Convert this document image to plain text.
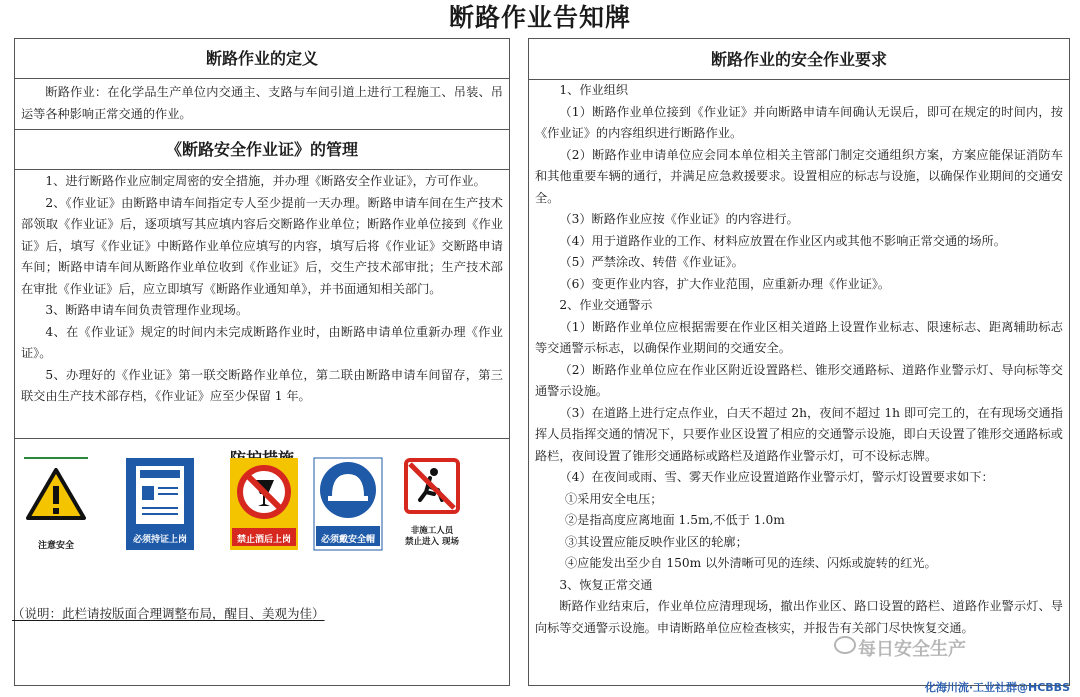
断路作业告知牌
断路作业的定义

断路作业：在化学品生产单位内交通主、支路与车间引道上进行工程施工、吊装、吊运等各种影响正常交通的作业。

《断路安全作业证》的管理

1、进行断路作业应制定周密的安全措施，并办理《断路安全作业证》，方可作业。

2、《作业证》由断路申请车间指定专人至少提前一天办理。断路申请车间在生产技术部领取《作业证》后，逐项填写其应填内容后交断路作业单位；断路作业单位接到《作业证》后，填写《作业证》中断路作业单位应填写的内容，填写后将《作业证》交断路申请车间；断路申请车间从断路作业单位收到《作业证》后，交生产技术部审批；生产技术部在审批《作业证》后，应立即填写《断路作业通知单》，并书面通知相关部门。

3、断路申请车间负责管理作业现场。

4、在《作业证》规定的时间内未完成断路作业时，由断路申请单位重新办理《作业证》。

5、办理好的《作业证》第一联交断路作业单位，第二联由断路申请车间留存，第三联交由生产技术部存档，《作业证》应至少保留 1 年。

注意安全
必须持证上岗	禁止酒后上岗	必须戴安全帽
非施工人员
禁止进入 现场
（说明：此栏请按版面合理调整布局，醒目、美观为佳）
断路作业的安全作业要求

1、作业组织

（1）断路作业单位接到《作业证》并向断路申请车间确认无误后，即可在规定的时间内，按《作业证》的内容组织进行断路作业。

（2）断路作业申请单位应会同本单位相关主管部门制定交通组织方案，方案应能保证消防车和其他重要车辆的通行，并满足应急救援要求。设置相应的标志与设施，以确保作业期间的交通安全。

（3）断路作业应按《作业证》的内容进行。

（4）用于道路作业的工作、材料应放置在作业区内或其他不影响正常交通的场所。

（5）严禁涂改、转借《作业证》。

（6）变更作业内容，扩大作业范围，应重新办理《作业证》。

2、作业交通警示

（1）断路作业单位应根据需要在作业区相关道路上设置作业标志、限速标志、距离辅助标志等交通警示标志，以确保作业期间的交通安全。

（2）断路作业单位应在作业区附近设置路栏、锥形交通路标、道路作业警示灯、导向标等交通警示设施。

（3）在道路上进行定点作业，白天不超过 2h，夜间不超过 1h 即可完工的，在有现场交通指挥人员指挥交通的情况下，只要作业区设置了相应的交通警示设施，即白天设置了锥形交通路标或路栏，夜间设置了锥形交通路标或路栏及道路作业警示灯，可不设标志牌。

（4）在夜间或雨、雪、雾天作业应设置道路作业警示灯，警示灯设置要求如下：

①采用安全电压；

②是指高度应离地面 1.5m,不低于 1.0m

③其设置应能反映作业区的轮廓；

④应能发出至少自 150m 以外清晰可见的连续、闪烁或旋转的红光。

3、恢复正常交通

断路作业结束后，作业单位应清理现场，撤出作业区、路口设置的路栏、道路作业警示灯、导向标等交通警示设施。申请断路单位应检查核实，并报告有关部门尽快恢复交通。

每日安全生产
化海川流·工业社群@HCBBS
